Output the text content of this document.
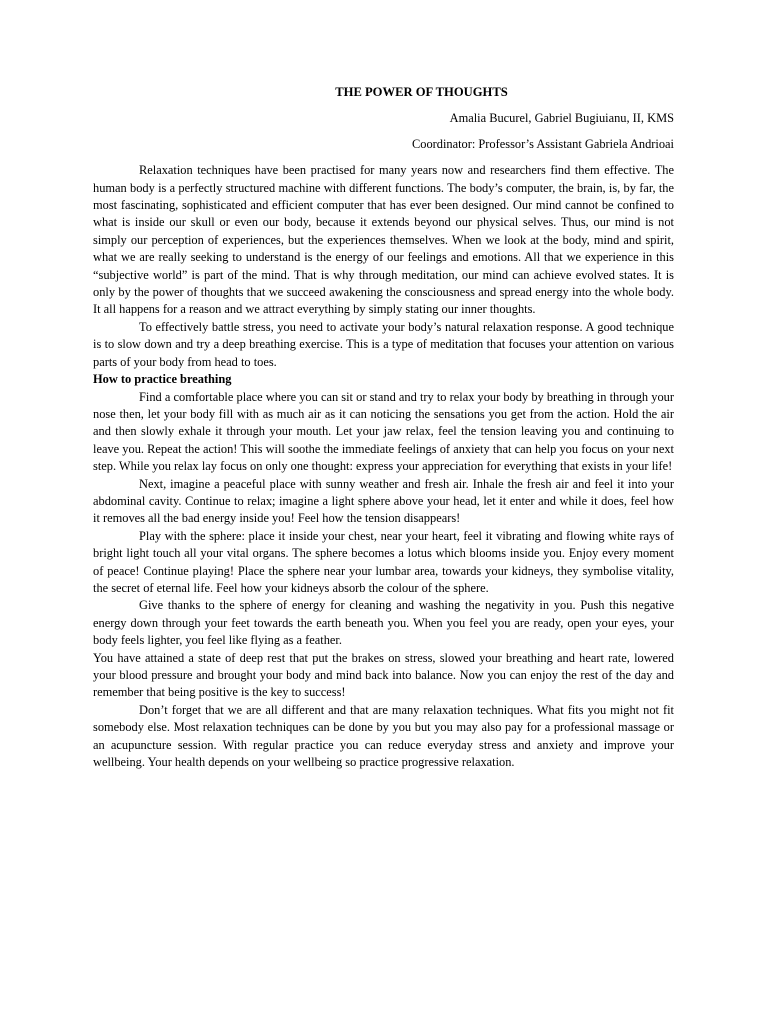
THE POWER OF THOUGHTS
Amalia Bucurel, Gabriel Bugiuianu, II, KMS
Coordinator: Professor’s Assistant Gabriela Andrioai

Relaxation techniques have been practised for many years now and researchers find them effective. The human body is a perfectly structured machine with different functions. The body’s computer, the brain, is, by far, the most fascinating, sophisticated and efficient computer that has ever been designed. Our mind cannot be confined to what is inside our skull or even our body, because it extends beyond our physical selves. Thus, our mind is not simply our perception of experiences, but the experiences themselves. When we look at the body, mind and spirit, what we are really seeking to understand is the energy of our feelings and emotions. All that we experience in this “subjective world” is part of the mind. That is why through meditation, our mind can achieve evolved states. It is only by the power of thoughts that we succeed awakening the consciousness and spread energy into the whole body. It all happens for a reason and we attract everything by simply stating our inner thoughts.

To effectively battle stress, you need to activate your body’s natural relaxation response. A good technique is to slow down and try a deep breathing exercise. This is a type of meditation that focuses your attention on various parts of your body from head to toes.

How to practice breathing

Find a comfortable place where you can sit or stand and try to relax your body by breathing in through your nose then, let your body fill with as much air as it can noticing the sensations you get from the action. Hold the air and then slowly exhale it through your mouth. Let your jaw relax, feel the tension leaving you and continuing to leave you. Repeat the action! This will soothe the immediate feelings of anxiety that can help you focus on your next step. While you relax lay focus on only one thought: express your appreciation for everything that exists in your life!

Next, imagine a peaceful place with sunny weather and fresh air. Inhale the fresh air and feel it into your abdominal cavity. Continue to relax; imagine a light sphere above your head, let it enter and while it does, feel how it removes all the bad energy inside you! Feel how the tension disappears!

Play with the sphere: place it inside your chest, near your heart, feel it vibrating and flowing white rays of bright light touch all your vital organs. The sphere becomes a lotus which blooms inside you. Enjoy every moment of peace! Continue playing! Place the sphere near your lumbar area, towards your kidneys, they symbolise vitality, the secret of eternal life. Feel how your kidneys absorb the colour of the sphere.

Give thanks to the sphere of energy for cleaning and washing the negativity in you. Push this negative energy down through your feet towards the earth beneath you. When you feel you are ready, open your eyes, your body feels lighter, you feel like flying as a feather.

You have attained a state of deep rest that put the brakes on stress, slowed your breathing and heart rate, lowered your blood pressure and brought your body and mind back into balance. Now you can enjoy the rest of the day and remember that being positive is the key to success!

Don’t forget that we are all different and that are many relaxation techniques. What fits you might not fit somebody else. Most relaxation techniques can be done by you but you may also pay for a professional massage or an acupuncture session. With regular practice you can reduce everyday stress and anxiety and improve your wellbeing. Your health depends on your wellbeing so practice progressive relaxation.
